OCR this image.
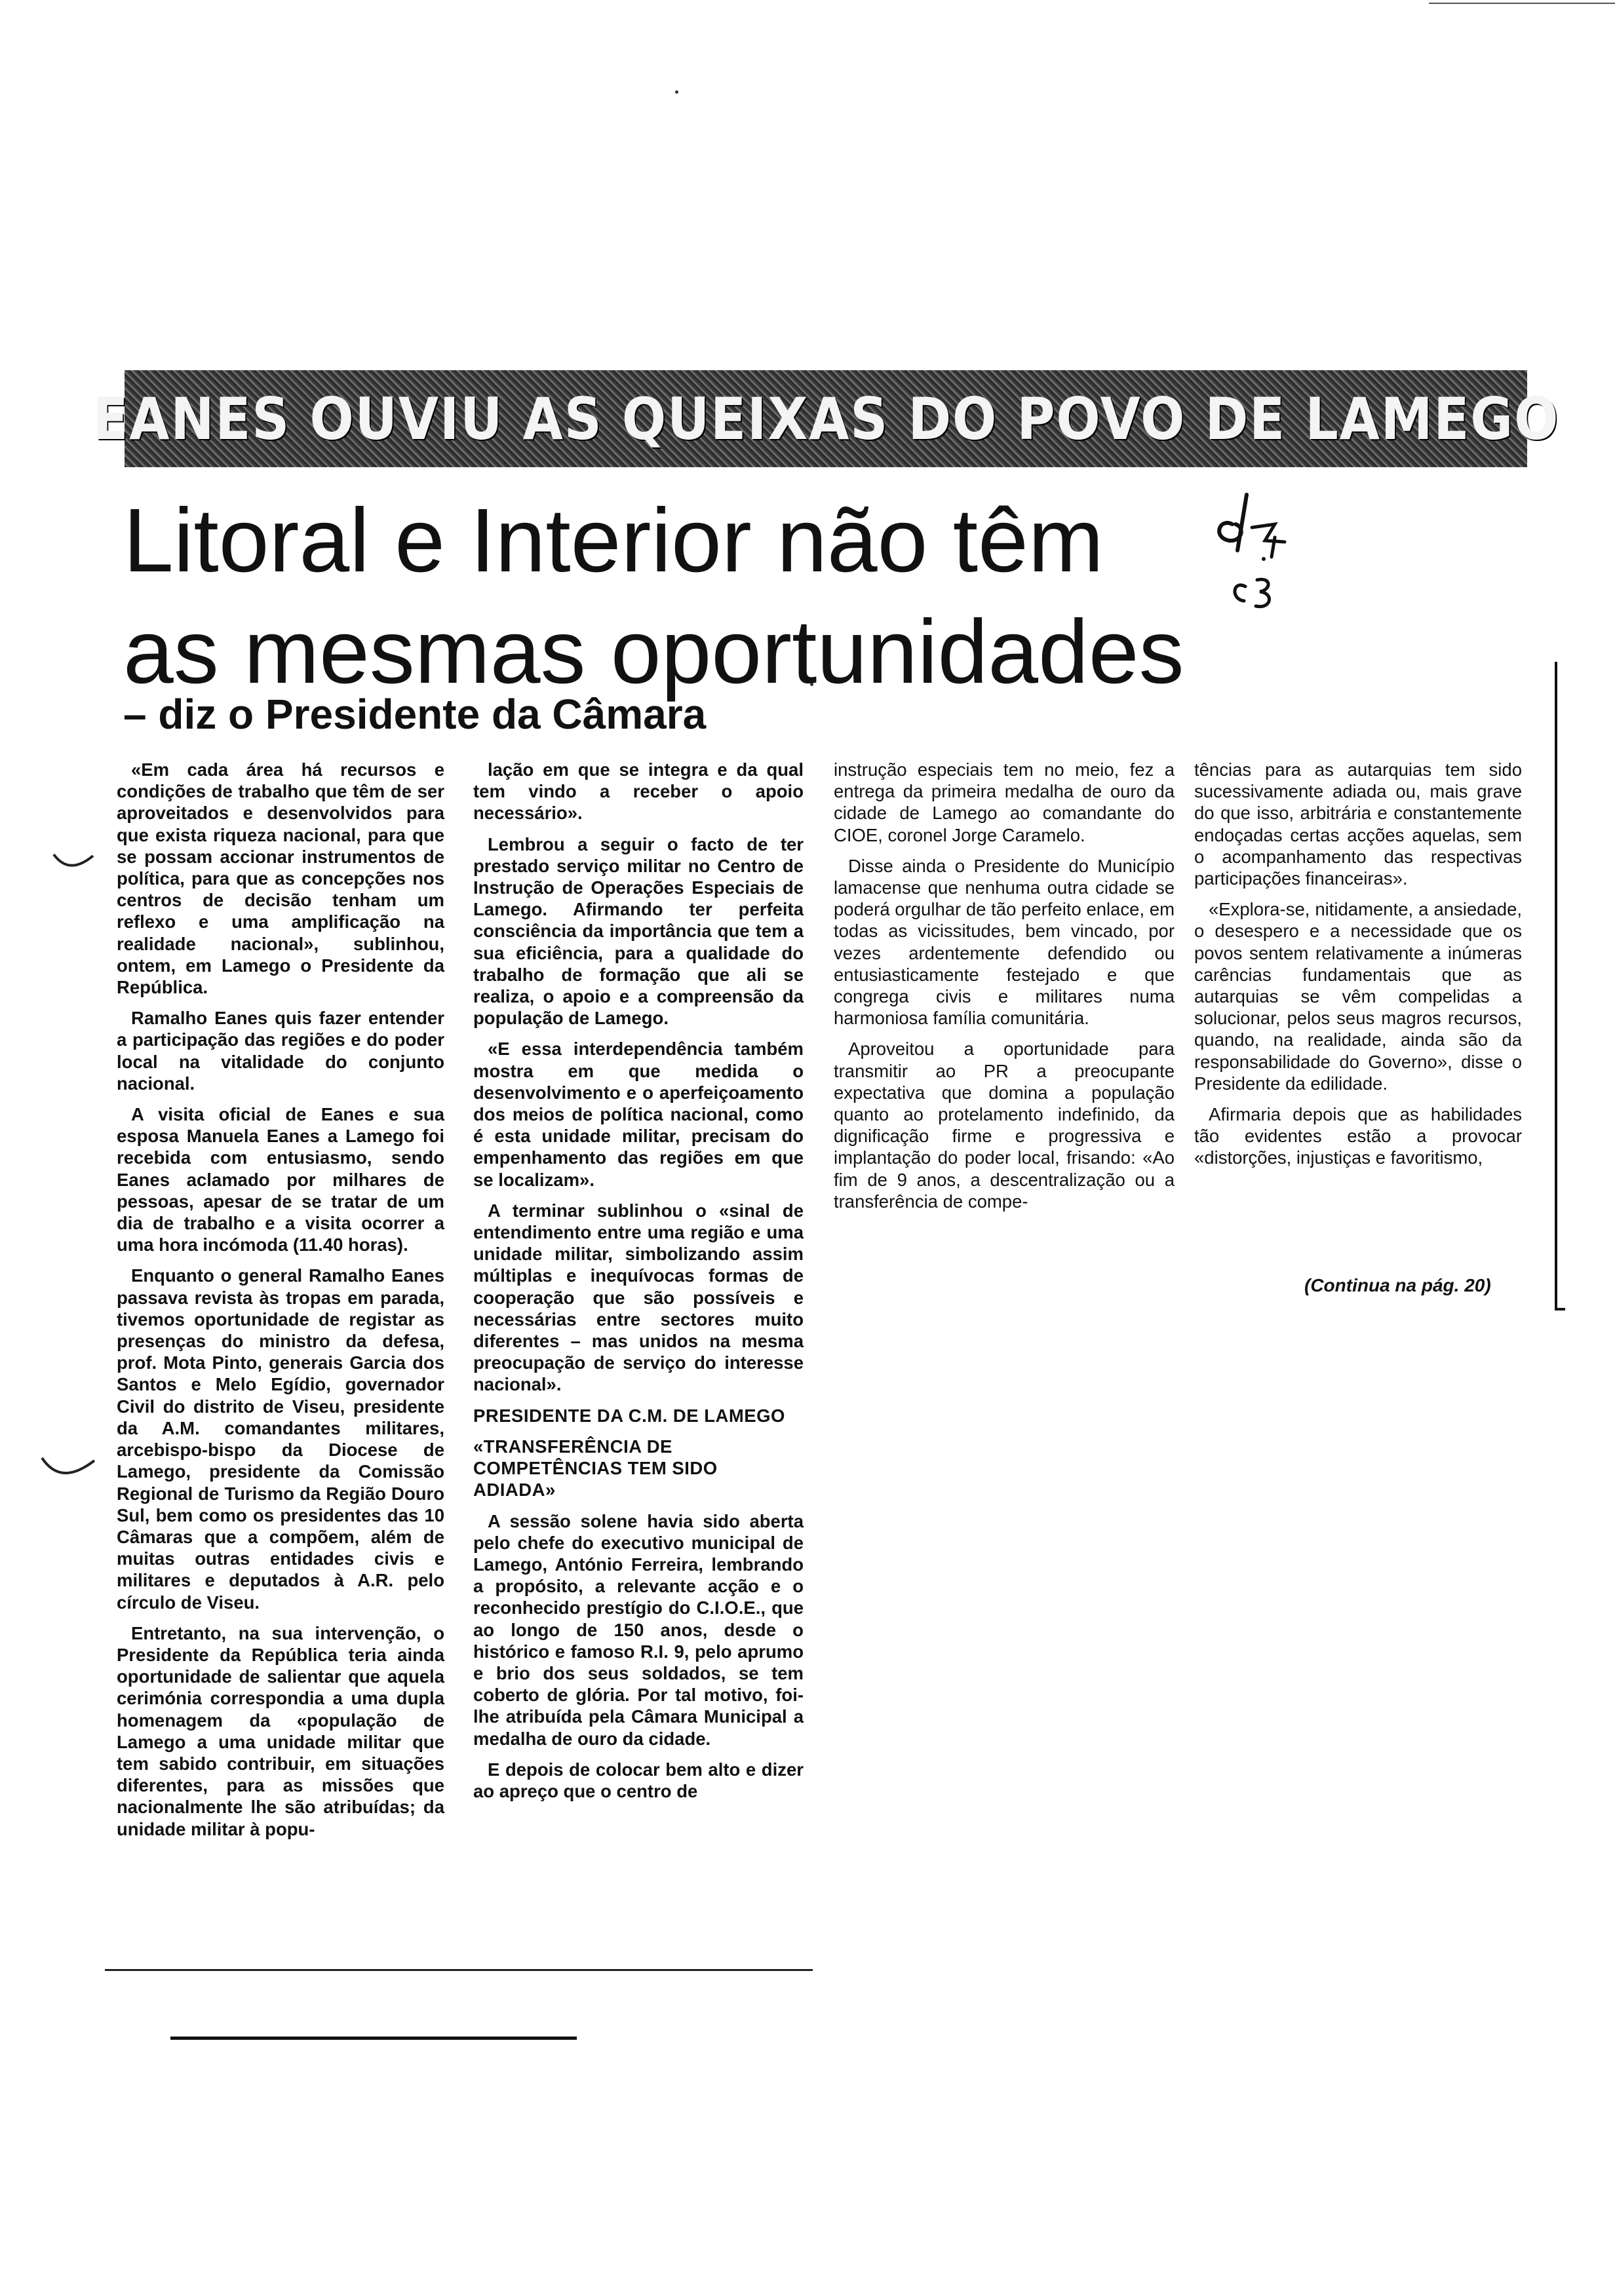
EANES OUVIU AS QUEIXAS DO POVO DE LAMEGO
Litoral e Interior não têm
as mesmas oportunidades
– diz o Presidente da Câmara

«Em cada área há recursos e condições de trabalho que têm de ser aproveitados e desenvolvidos para que exista riqueza nacional, para que se possam accionar instrumentos de política, para que as concepções nos centros de decisão tenham um reflexo e uma amplificação na realidade nacional», sublinhou, ontem, em Lamego o Presidente da República.

Ramalho Eanes quis fazer entender a participação das regiões e do poder local na vitalidade do conjunto nacional.

A visita oficial de Eanes e sua esposa Manuela Eanes a Lamego foi recebida com entusiasmo, sendo Eanes aclamado por milhares de pessoas, apesar de se tratar de um dia de trabalho e a visita ocorrer a uma hora incómoda (11.40 horas).

Enquanto o general Ramalho Eanes passava revista às tropas em parada, tivemos oportunidade de registar as presenças do ministro da defesa, prof. Mota Pinto, generais Garcia dos Santos e Melo Egídio, governador Civil do distrito de Viseu, presidente da A.M. comandantes militares, arcebispo-bispo da Diocese de Lamego, presidente da Comissão Regional de Turismo da Região Douro Sul, bem como os presidentes das 10 Câmaras que a compõem, além de muitas outras entidades civis e militares e deputados à A.R. pelo círculo de Viseu.

Entretanto, na sua intervenção, o Presidente da República teria ainda oportunidade de salientar que aquela cerimónia correspondia a uma dupla homenagem da «população de Lamego a uma unidade militar que tem sabido contribuir, em situações diferentes, para as missões que nacionalmente lhe são atribuídas; da unidade militar à popu-

lação em que se integra e da qual tem vindo a receber o apoio necessário».

Lembrou a seguir o facto de ter prestado serviço militar no Centro de Instrução de Operações Especiais de Lamego. Afirmando ter perfeita consciência da importância que tem a sua eficiência, para a qualidade do trabalho de formação que ali se realiza, o apoio e a compreensão da população de Lamego.

«E essa interdependência também mostra em que medida o desenvolvimento e o aperfeiçoamento dos meios de política nacional, como é esta unidade militar, precisam do empenhamento das regiões em que se localizam».

A terminar sublinhou o «sinal de entendimento entre uma região e uma unidade militar, simbolizando assim múltiplas e inequívocas formas de cooperação que são possíveis e necessárias entre sectores muito diferentes – mas unidos na mesma preocupação de serviço do interesse nacional».

PRESIDENTE DA C.M. DE LAMEGO

«TRANSFERÊNCIA DE COMPETÊNCIAS TEM SIDO ADIADA»

A sessão solene havia sido aberta pelo chefe do executivo municipal de Lamego, António Ferreira, lembrando a propósito, a relevante acção e o reconhecido prestígio do C.I.O.E., que ao longo de 150 anos, desde o histórico e famoso R.I. 9, pelo aprumo e brio dos seus soldados, se tem coberto de glória. Por tal motivo, foi-lhe atribuída pela Câmara Municipal a medalha de ouro da cidade.

E depois de colocar bem alto e dizer ao apreço que o centro de

instrução especiais tem no meio, fez a entrega da primeira medalha de ouro da cidade de Lamego ao comandante do CIOE, coronel Jorge Caramelo.

Disse ainda o Presidente do Município lamacense que nenhuma outra cidade se poderá orgulhar de tão perfeito enlace, em todas as vicissitudes, bem vincado, por vezes ardentemente defendido ou entusiasticamente festejado e que congrega civis e militares numa harmoniosa família comunitária.

Aproveitou a oportunidade para transmitir ao PR a preocupante expectativa que domina a população quanto ao protelamento indefinido, da dignificação firme e progressiva e implantação do poder local, frisando: «Ao fim de 9 anos, a descentralização ou a transferência de compe-

tências para as autarquias tem sido sucessivamente adiada ou, mais grave do que isso, arbitrária e constantemente endoçadas certas acções aquelas, sem o acompanhamento das respectivas participações financeiras».

«Explora-se, nitidamente, a ansiedade, o desespero e a necessidade que os povos sentem relativamente a inúmeras carências fundamentais que as autarquias se vêm compelidas a solucionar, pelos seus magros recursos, quando, na realidade, ainda são da responsabilidade do Governo», disse o Presidente da edilidade.

Afirmaria depois que as habilidades tão evidentes estão a provocar «distorções, injustiças e favoritismo,

(Continua na pág. 20)
